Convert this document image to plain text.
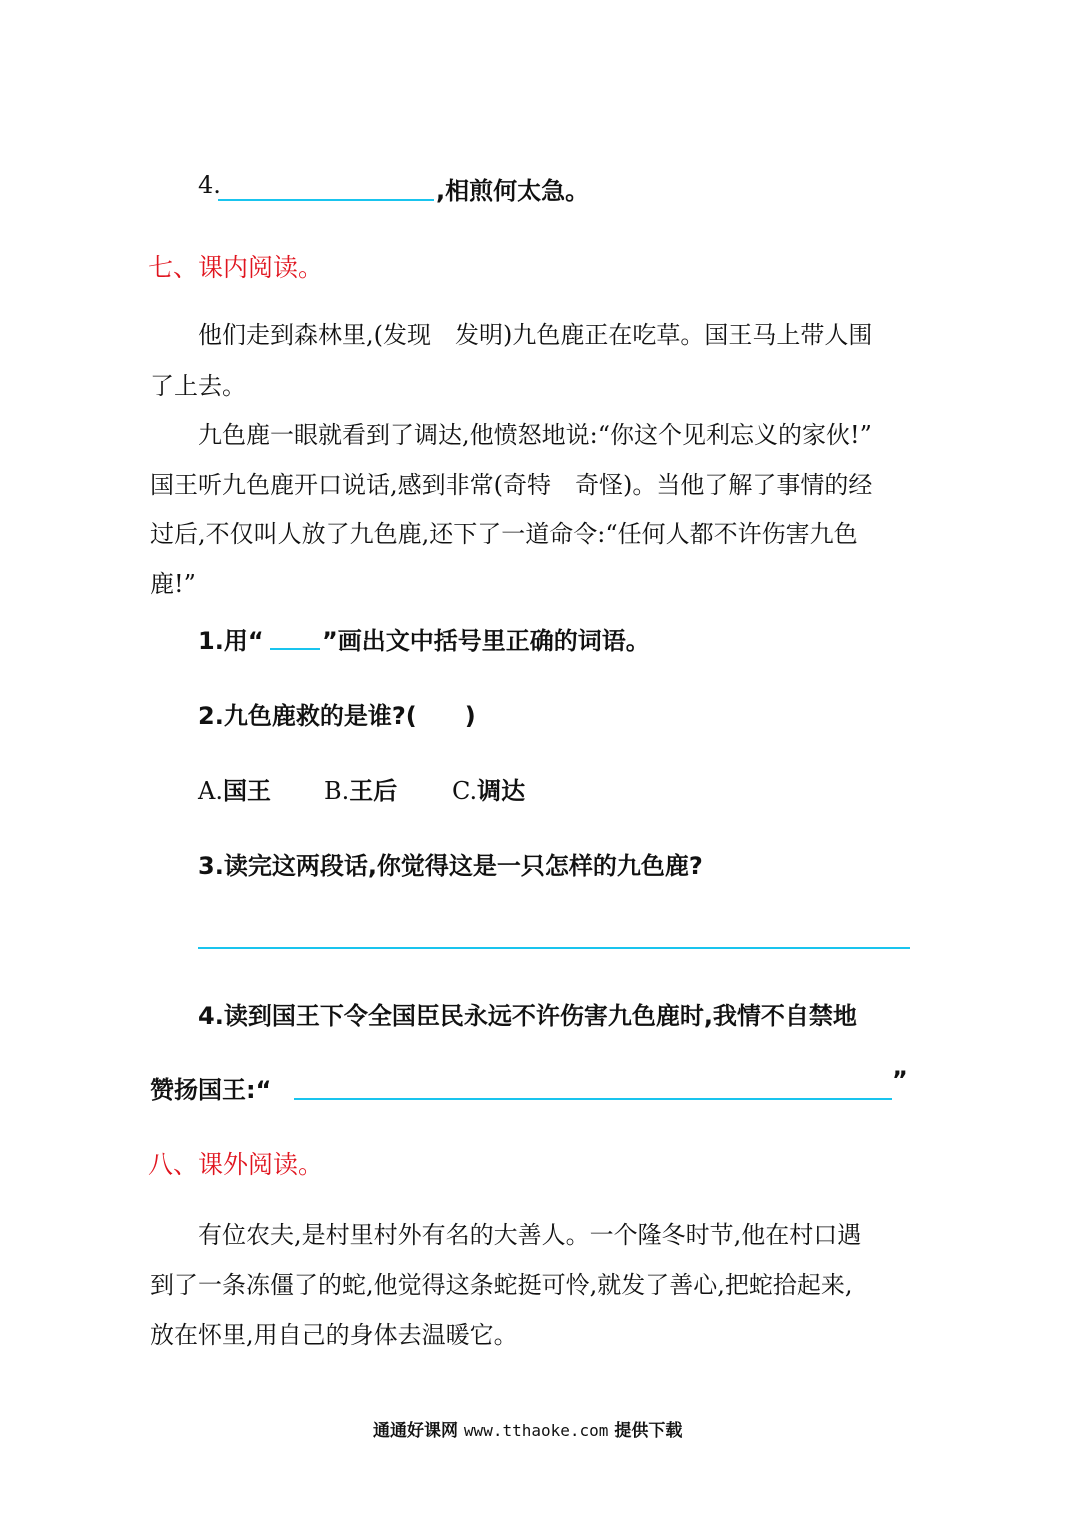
4.	,相煎何太急。
七、课内阅读。
他们走到森林里,(发现　发明)九色鹿正在吃草。国王马上带人围
了上去。
九色鹿一眼就看到了调达,他愤怒地说:“你这个见利忘义的家伙!”
国王听九色鹿开口说话,感到非常(奇特　奇怪)。当他了解了事情的经
过后,不仅叫人放了九色鹿,还下了一道命令:“任何人都不许伤害九色
鹿!”
1.用“ ”画出文中括号里正确的词语。
2.九色鹿救的是谁?(　　)
A.国王 B.王后 C.调达
3.读完这两段话,你觉得这是一只怎样的九色鹿?
4.读到国王下令全国臣民永远不许伤害九色鹿时,我情不自禁地
赞扬国王:“	”
八、课外阅读。
有位农夫,是村里村外有名的大善人。一个隆冬时节,他在村口遇
到了一条冻僵了的蛇,他觉得这条蛇挺可怜,就发了善心,把蛇拾起来,
放在怀里,用自己的身体去温暖它。
通通好课网 www.tthaoke.com 提供下载
